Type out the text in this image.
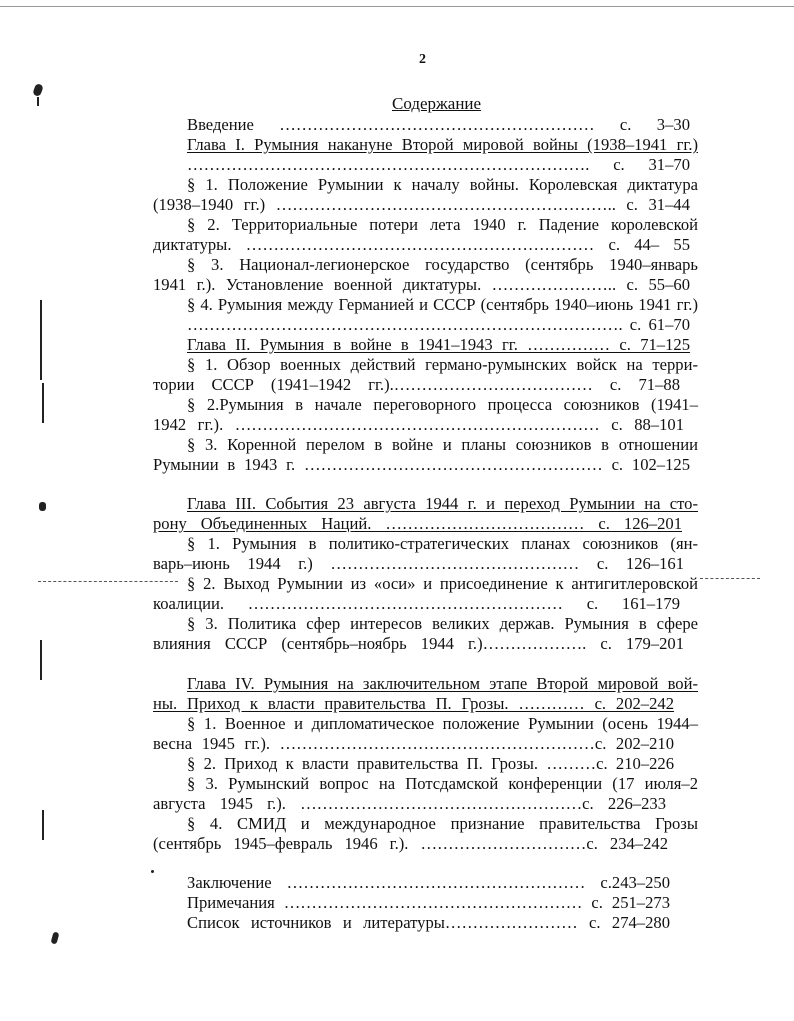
2
Содержание
Введение ………………………………………………… с. 3–30
Глава I. Румыния накануне Второй мировой войны (1938–1941 гг.)
………………………………………………………………. с. 31–70
§ 1. Положение Румынии к началу войны. Королевская диктатура
(1938–1940 гг.) …………………………………………………….. с. 31–44
§ 2. Территориальные потери лета 1940 г. Падение королевской
диктатуры. ……………………………………………………… с. 44– 55
§ 3. Национал-легионерское государство (сентябрь 1940–январь
1941 г.). Установление военной диктатуры. ………………….. с. 55–60
§ 4. Румыния между Германией и СССР (сентябрь 1940–июнь 1941 гг.)
……………………………………………………………………. с. 61–70
Глава II. Румыния в войне в 1941–1943 гг. …………… с. 71–125
§ 1. Обзор военных действий германо-румынских войск на терри-
тории СССР (1941–1942 гг.).……………………………… с. 71–88
§ 2.Румыния в начале переговорного процесса союзников (1941–
1942 гг.). ………………………………………………………… с. 88–101
§ 3. Коренной перелом в войне и планы союзников в отношении
Румынии в 1943 г. ……………………………………………… с. 102–125
Глава III. События 23 августа 1944 г. и переход Румынии на сто-
рону Объединенных Наций. ……………………………… с. 126–201
§ 1. Румыния в политико-стратегических планах союзников (ян-
варь–июнь 1944 г.) ……………………………………… с. 126–161
§ 2. Выход Румынии из «оси» и присоединение к антигитлеровской
коалиции. ………………………………………………… с. 161–179
§ 3. Политика сфер интересов великих держав. Румыния в сфере
влияния СССР (сентябрь–ноябрь 1944 г.)………………. с. 179–201
Глава IV. Румыния на заключительном этапе Второй мировой вой-
ны. Приход к власти правительства П. Грозы. ………… с. 202–242
§ 1. Военное и дипломатическое положение Румынии (осень 1944–
весна 1945 гг.). …………………………………………………с. 202–210
§ 2. Приход к власти правительства П. Грозы. ………с. 210–226
§ 3. Румынский вопрос на Потсдамской конференции (17 июля–2
августа 1945 г.). ……………………………………………с. 226–233
§ 4. СМИД и международное признание правительства Грозы
(сентябрь 1945–февраль 1946 г.). …………………………с. 234–242
Заключение ……………………………………………… с.243–250
Примечания ……………………………………………… с. 251–273
Список источников и литературы…………………… с. 274–280
